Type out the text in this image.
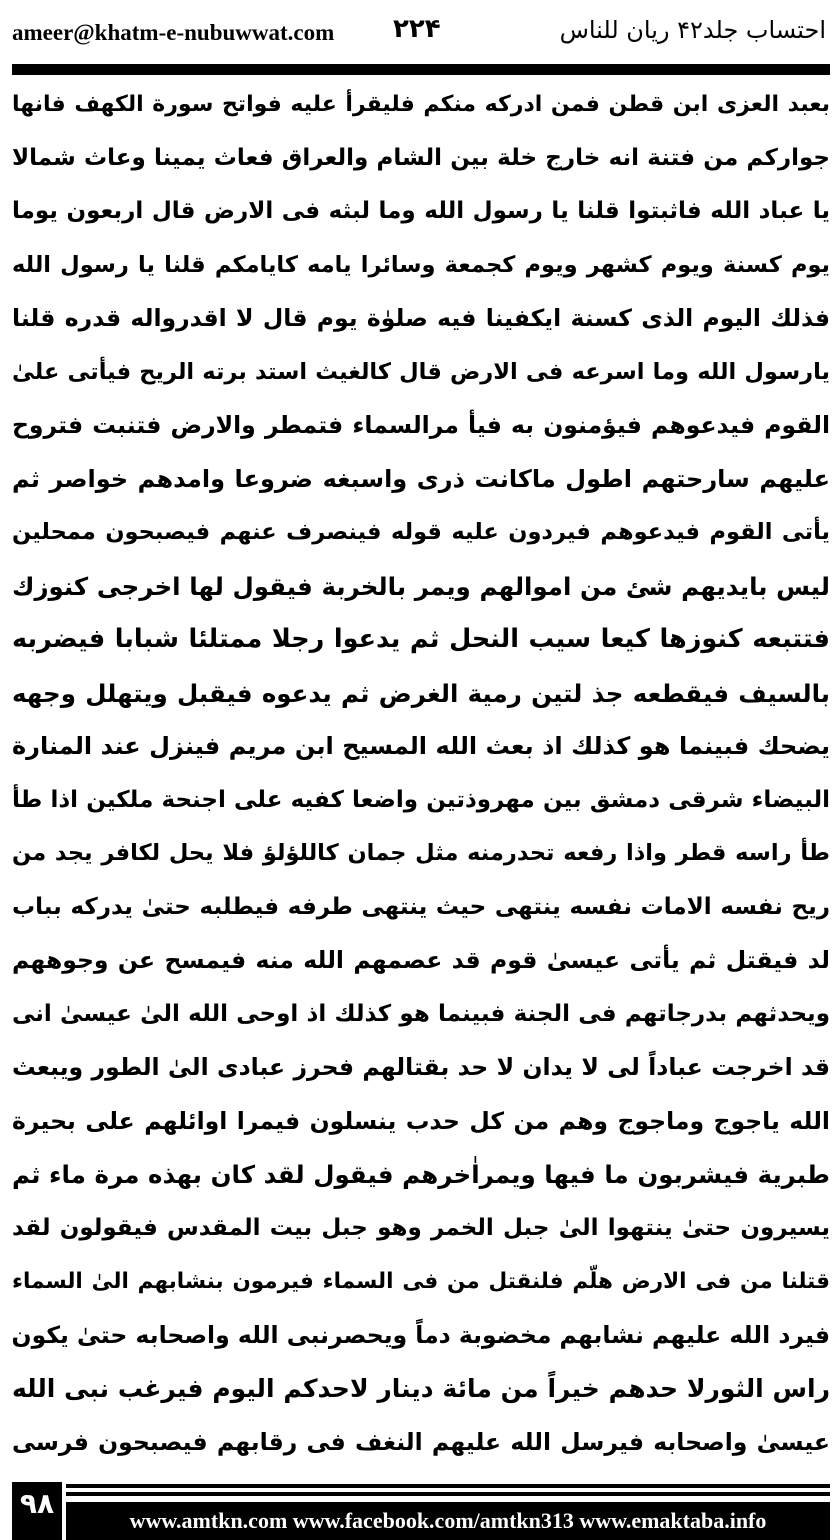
ameer@khatm-e-nubuwwat.com ۲۲۴	احتساب جلد۴۲ ریان للناس
بعبد العزى ابن قطن فمن ادركه منكم فليقرأ عليه فواتح سورة الكهف فانها
جواركم من فتنة انه خارج خلة بين الشام والعراق فعاث يمينا وعاث شمالا
يا عباد الله فاثبتوا قلنا يا رسول الله وما لبثه فى الارض قال اربعون يوما
يوم كسنة ويوم كشهر ويوم كجمعة وسائرا يامه كايامكم قلنا يا رسول الله
فذلك اليوم الذى كسنة ايكفينا فيه صلوٰة يوم قال لا اقدرواله قدره قلنا
يارسول الله وما اسرعه فى الارض قال كالغيث استد برته الريح فيأتى علىٰ
القوم فيدعوهم فيؤمنون به فيأ مرالسماء فتمطر والارض فتنبت فتروح
عليهم سارحتهم اطول ماكانت ذرى واسبغه ضروعا وامدهم خواصر ثم
يأتى القوم فيدعوهم فيردون عليه قوله فينصرف عنهم فيصبحون ممحلين
ليس بايديهم شئ من اموالهم ويمر بالخربة فيقول لها اخرجى كنوزك
فتتبعه كنوزها كيعا سيب النحل ثم يدعوا رجلا ممتلئا شبابا فيضربه
بالسيف فيقطعه جذ لتين رمية الغرض ثم يدعوه فيقبل ويتهلل وجهه
يضحك فبينما هو كذلك اذ بعث الله المسيح ابن مريم فينزل عند المنارة
البيضاء شرقى دمشق بين مهروذتين واضعا كفيه على اجنحة ملكين اذا طأ
طأ راسه قطر واذا رفعه تحدرمنه مثل جمان كاللؤلؤ فلا يحل لكافر يجد من
ريح نفسه الامات نفسه ينتهى حيث ينتهى طرفه فيطلبه حتىٰ يدركه بباب
لد فيقتل ثم يأتى عيسىٰ قوم قد عصمهم الله منه فيمسح عن وجوههم
ويحدثهم بدرجاتهم فى الجنة فبينما هو كذلك اذ اوحى الله الىٰ عيسىٰ انى
قد اخرجت عباداً لى لا يدان لا حد بقتالهم فحرز عبادى الىٰ الطور ويبعث
الله ياجوج وماجوج وهم من كل حدب ينسلون فيمرا اوائلهم على بحيرة
طبرية فيشربون ما فيها ويمراٰخرهم فيقول لقد كان بهذه مرة ماء ثم
يسيرون حتىٰ ينتهوا الىٰ جبل الخمر وهو جبل بيت المقدس فيقولون لقد
قتلنا من فى الارض هلّم فلنقتل من فى السماء فيرمون بنشابهم الىٰ السماء
فيرد الله عليهم نشابهم مخضوبة دماً ويحصرنبى الله واصحابه حتىٰ يكون
راس الثورلا حدهم خيراً من مائة دينار لاحدكم اليوم فيرغب نبى الله
عيسىٰ واصحابه فيرسل الله عليهم النغف فى رقابهم فيصبحون فرسى
۹۸
www.amtkn.com www.facebook.com/amtkn313 www.emaktaba.info
